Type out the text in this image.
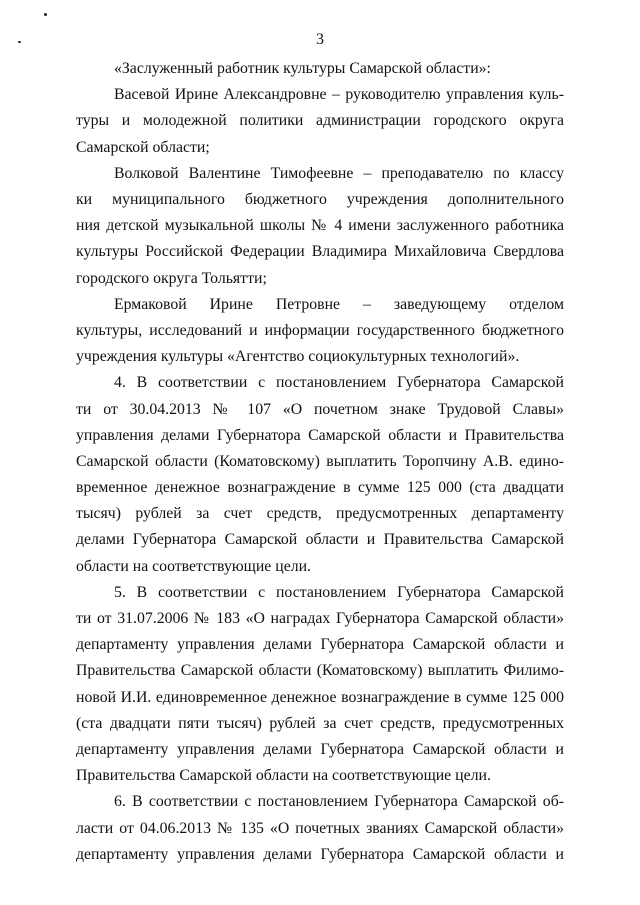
3
«Заслуженный работник культуры Самарской области»:
Васевой Ирине Александровне – руководителю управления куль-
туры и молодежной политики администрации городского округа
Самарской области;
Волковой Валентине Тимофеевне – преподавателю по классу
ки муниципального бюджетного учреждения дополнительного
ния детской музыкальной школы № 4 имени заслуженного работника
культуры Российской Федерации Владимира Михайловича Свердлова
городского округа Тольятти;
Ермаковой Ирине Петровне – заведующему отделом
культуры, исследований и информации государственного бюджетного
учреждения культуры «Агентство социокультурных технологий».
4. В соответствии с постановлением Губернатора Самарской
ти от 30.04.2013 № 107 «О почетном знаке Трудовой Славы»
управления делами Губернатора Самарской области и Правительства
Самарской области (Коматовскому) выплатить Торопчину А.В. едино-
временное денежное вознаграждение в сумме 125 000 (ста двадцати
тысяч) рублей за счет средств, предусмотренных департаменту
делами Губернатора Самарской области и Правительства Самарской
области на соответствующие цели.
5. В соответствии с постановлением Губернатора Самарской
ти от 31.07.2006 № 183 «О наградах Губернатора Самарской области»
департаменту управления делами Губернатора Самарской области и
Правительства Самарской области (Коматовскому) выплатить Филимо-
новой И.И. единовременное денежное вознаграждение в сумме 125 000
(ста двадцати пяти тысяч) рублей за счет средств, предусмотренных
департаменту управления делами Губернатора Самарской области и
Правительства Самарской области на соответствующие цели.
6. В соответствии с постановлением Губернатора Самарской об-
ласти от 04.06.2013 № 135 «О почетных званиях Самарской области»
департаменту управления делами Губернатора Самарской области и
